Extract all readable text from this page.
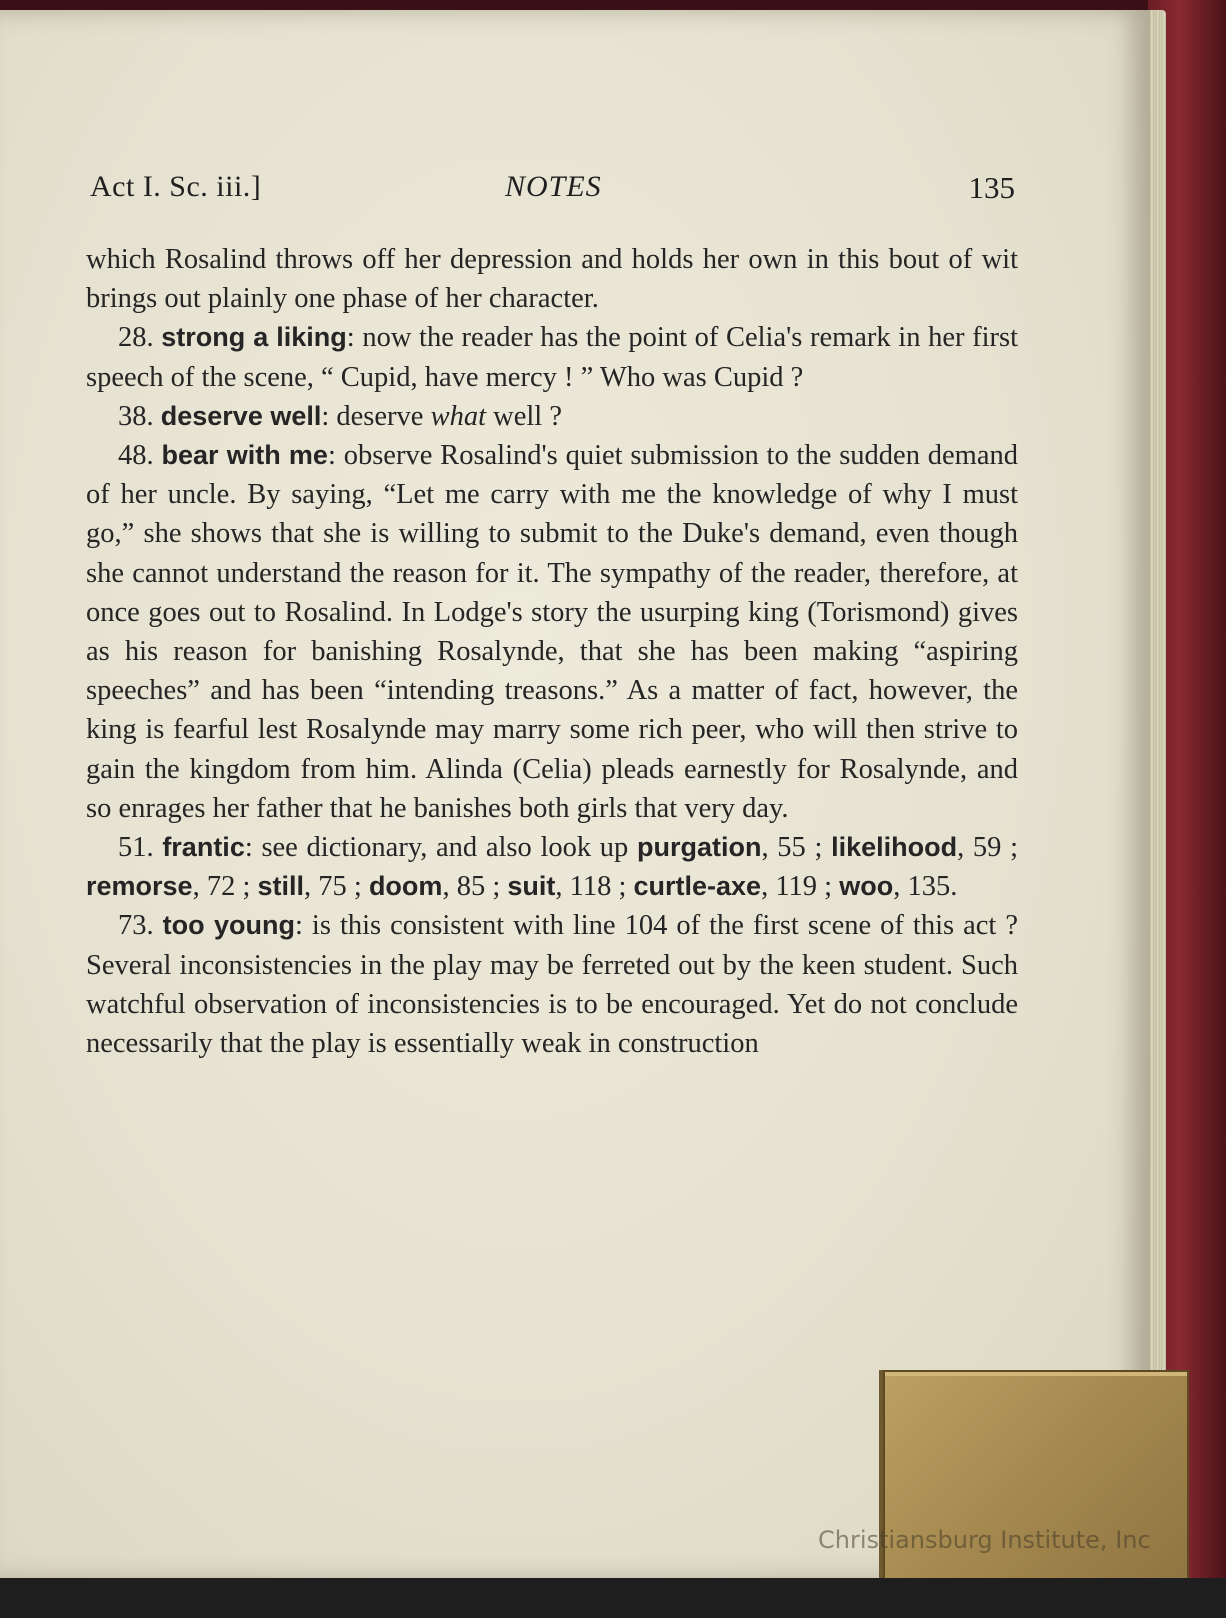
Act I. Sc. iii.]	NOTES	135

which Rosalind throws off her depression and holds her own in this bout of wit brings out plainly one phase of her character.

28. strong a liking: now the reader has the point of Celia's remark in her first speech of the scene, “ Cupid, have mercy ! ” Who was Cupid ?

38. deserve well: deserve what well ?

48. bear with me: observe Rosalind's quiet submission to the sudden demand of her uncle. By saying, “Let me carry with me the knowledge of why I must go,” she shows that she is willing to submit to the Duke's demand, even though she cannot understand the reason for it. The sympathy of the reader, therefore, at once goes out to Rosalind. In Lodge's story the usurping king (Torismond) gives as his reason for banishing Rosalynde, that she has been making “aspiring speeches” and has been “intending treasons.” As a matter of fact, however, the king is fearful lest Rosalynde may marry some rich peer, who will then strive to gain the kingdom from him. Alinda (Celia) pleads earnestly for Rosalynde, and so enrages her father that he banishes both girls that very day.

51. frantic: see dictionary, and also look up purgation, 55 ; likelihood, 59 ; remorse, 72 ; still, 75 ; doom, 85 ; suit, 118 ; curtle-axe, 119 ; woo, 135.

73. too young: is this consistent with line 104 of the first scene of this act ? Several inconsistencies in the play may be ferreted out by the keen student. Such watchful observation of inconsistencies is to be encouraged. Yet do not conclude necessarily that the play is essentially weak in construction

Christiansburg Institute, Inc
